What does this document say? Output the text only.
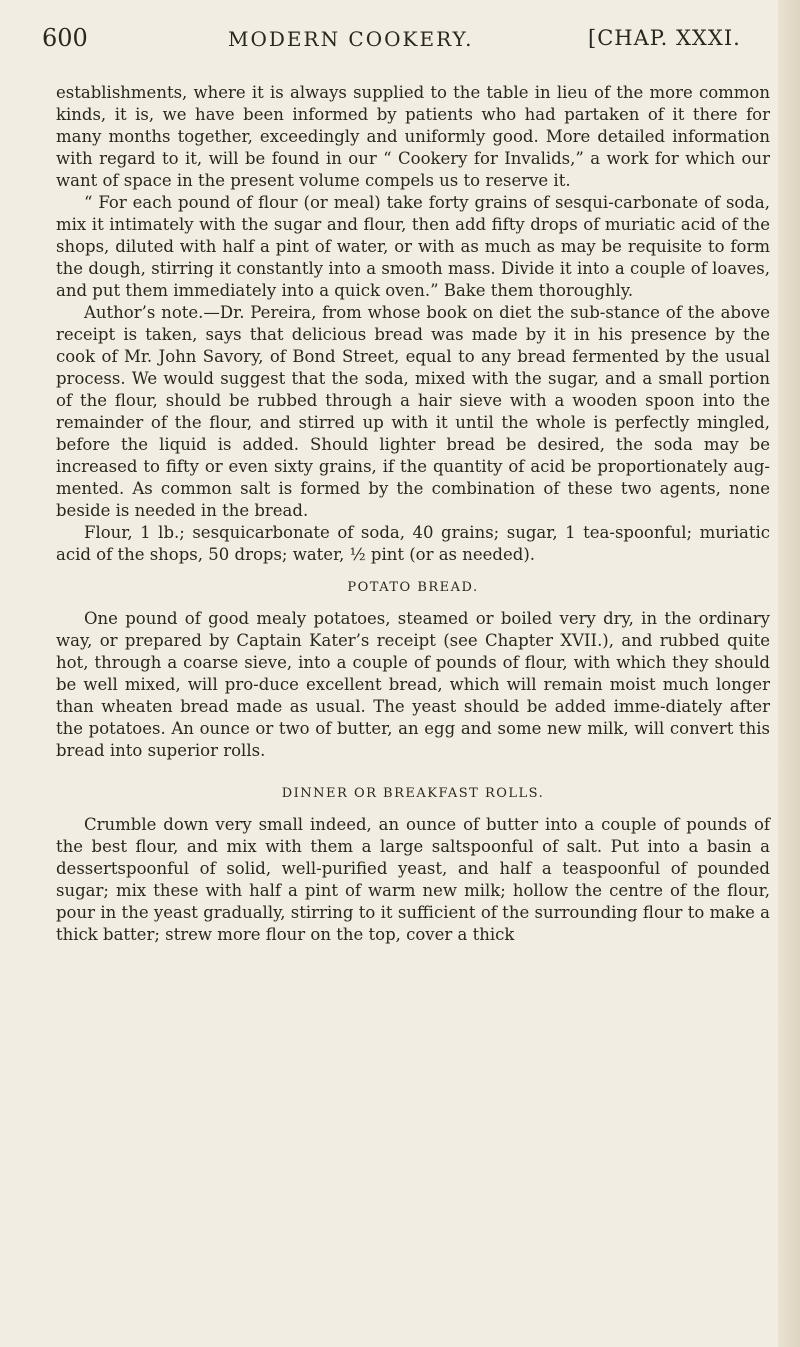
600	MODERN COOKERY.	[CHAP. XXXI.

establishments, where it is always supplied to the table in lieu of the more common kinds, it is, we have been informed by patients who had partaken of it there for many months together, exceedingly and uniformly good. More detailed information with regard to it, will be found in our “ Cookery for Invalids,” a work for which our want of space in the present volume compels us to reserve it.

“ For each pound of flour (or meal) take forty grains of sesqui-carbonate of soda, mix it intimately with the sugar and flour, then add fifty drops of muriatic acid of the shops, diluted with half a pint of water, or with as much as may be requisite to form the dough, stirring it constantly into a smooth mass. Divide it into a couple of loaves, and put them immediately into a quick oven.” Bake them thoroughly.

Author’s note.—Dr. Pereira, from whose book on diet the sub-stance of the above receipt is taken, says that delicious bread was made by it in his presence by the cook of Mr. John Savory, of Bond Street, equal to any bread fermented by the usual process. We would suggest that the soda, mixed with the sugar, and a small portion of the flour, should be rubbed through a hair sieve with a wooden spoon into the remainder of the flour, and stirred up with it until the whole is perfectly mingled, before the liquid is added. Should lighter bread be desired, the soda may be increased to fifty or even sixty grains, if the quantity of acid be proportionately aug-mented. As common salt is formed by the combination of these two agents, none beside is needed in the bread.

Flour, 1 lb.; sesquicarbonate of soda, 40 grains; sugar, 1 tea-spoonful; muriatic acid of the shops, 50 drops; water, ½ pint (or as needed).

POTATO BREAD.

One pound of good mealy potatoes, steamed or boiled very dry, in the ordinary way, or prepared by Captain Kater’s receipt (see Chapter XVII.), and rubbed quite hot, through a coarse sieve, into a couple of pounds of flour, with which they should be well mixed, will pro-duce excellent bread, which will remain moist much longer than wheaten bread made as usual. The yeast should be added imme-diately after the potatoes. An ounce or two of butter, an egg and some new milk, will convert this bread into superior rolls.

DINNER OR BREAKFAST ROLLS.

Crumble down very small indeed, an ounce of butter into a couple of pounds of the best flour, and mix with them a large saltspoonful of salt. Put into a basin a dessertspoonful of solid, well-purified yeast, and half a teaspoonful of pounded sugar; mix these with half a pint of warm new milk; hollow the centre of the flour, pour in the yeast gradually, stirring to it sufficient of the surrounding flour to make a thick batter; strew more flour on the top, cover a thick
